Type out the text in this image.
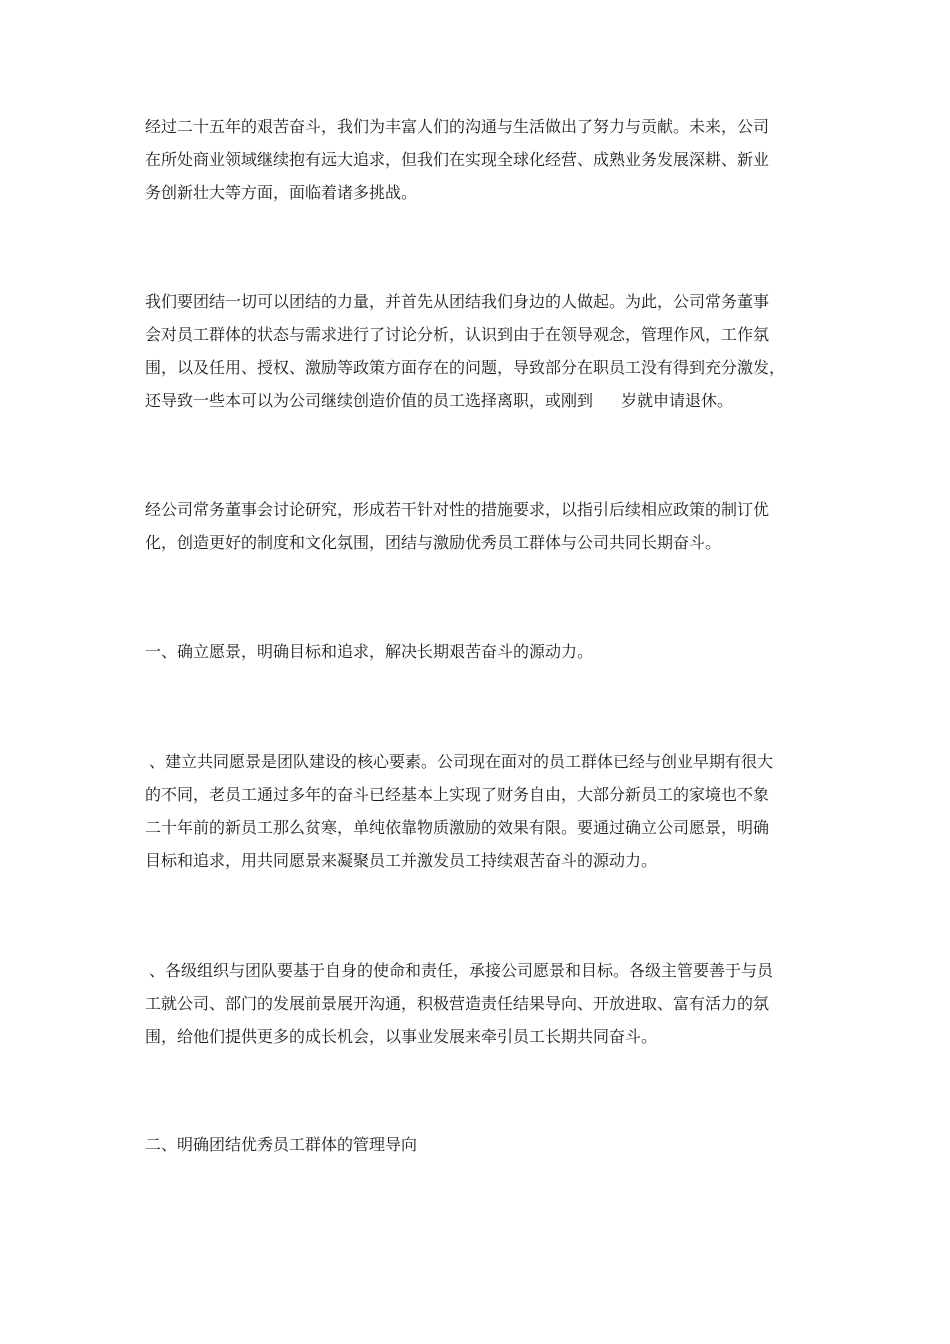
经过二十五年的艰苦奋斗，我们为丰富人们的沟通与生活做出了努力与贡献。未来，公司
在所处商业领域继续抱有远大追求，但我们在实现全球化经营、成熟业务发展深耕、新业
务创新壮大等方面，面临着诸多挑战。
我们要团结一切可以团结的力量，并首先从团结我们身边的人做起。为此，公司常务董事
会对员工群体的状态与需求进行了讨论分析，认识到由于在领导观念，管理作风，工作氛
围，以及任用、授权、激励等政策方面存在的问题，导致部分在职员工没有得到充分激发，
还导致一些本可以为公司继续创造价值的员工选择离职，或刚到 岁就申请退休。
经公司常务董事会讨论研究，形成若干针对性的措施要求，以指引后续相应政策的制订优
化，创造更好的制度和文化氛围，团结与激励优秀员工群体与公司共同长期奋斗。
一、确立愿景，明确目标和追求，解决长期艰苦奋斗的源动力。
、建立共同愿景是团队建设的核心要素。公司现在面对的员工群体已经与创业早期有很大
的不同，老员工通过多年的奋斗已经基本上实现了财务自由，大部分新员工的家境也不象
二十年前的新员工那么贫寒，单纯依靠物质激励的效果有限。要通过确立公司愿景，明确
目标和追求，用共同愿景来凝聚员工并激发员工持续艰苦奋斗的源动力。
、各级组织与团队要基于自身的使命和责任，承接公司愿景和目标。各级主管要善于与员
工就公司、部门的发展前景展开沟通，积极营造责任结果导向、开放进取、富有活力的氛
围，给他们提供更多的成长机会，以事业发展来牵引员工长期共同奋斗。
二、明确团结优秀员工群体的管理导向
